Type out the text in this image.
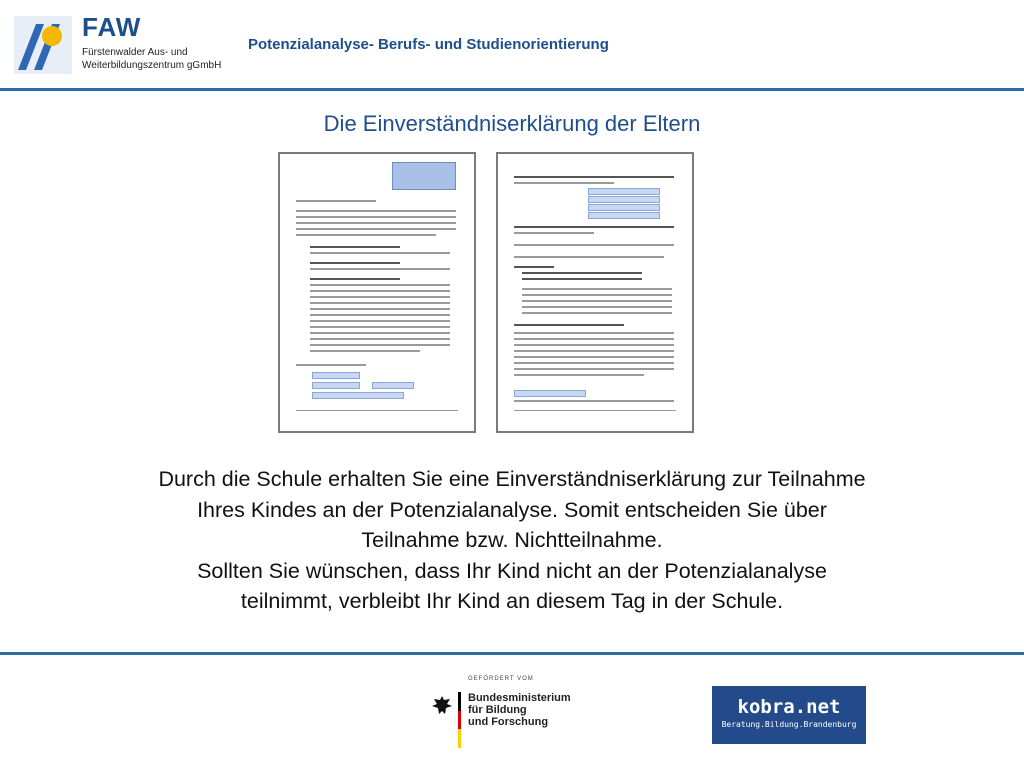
FAW
Fürstenwalder Aus- und
Weiterbildungszentrum gGmbH
Potenzialanalyse- Berufs- und Studienorientierung
Die Einverständniserklärung der Eltern
Durch die Schule erhalten Sie eine Einverständniserklärung zur Teilnahme
Ihres Kindes an der Potenzialanalyse. Somit entscheiden Sie über
Teilnahme bzw. Nichtteilnahme.
Sollten Sie wünschen, dass Ihr Kind nicht an der Potenzialanalyse
teilnimmt, verbleibt Ihr Kind an diesem Tag in der Schule.
GEFÖRDERT VOM
Bundesministerium
für Bildung
und Forschung
kobra.net
Beratung.Bildung.Brandenburg
